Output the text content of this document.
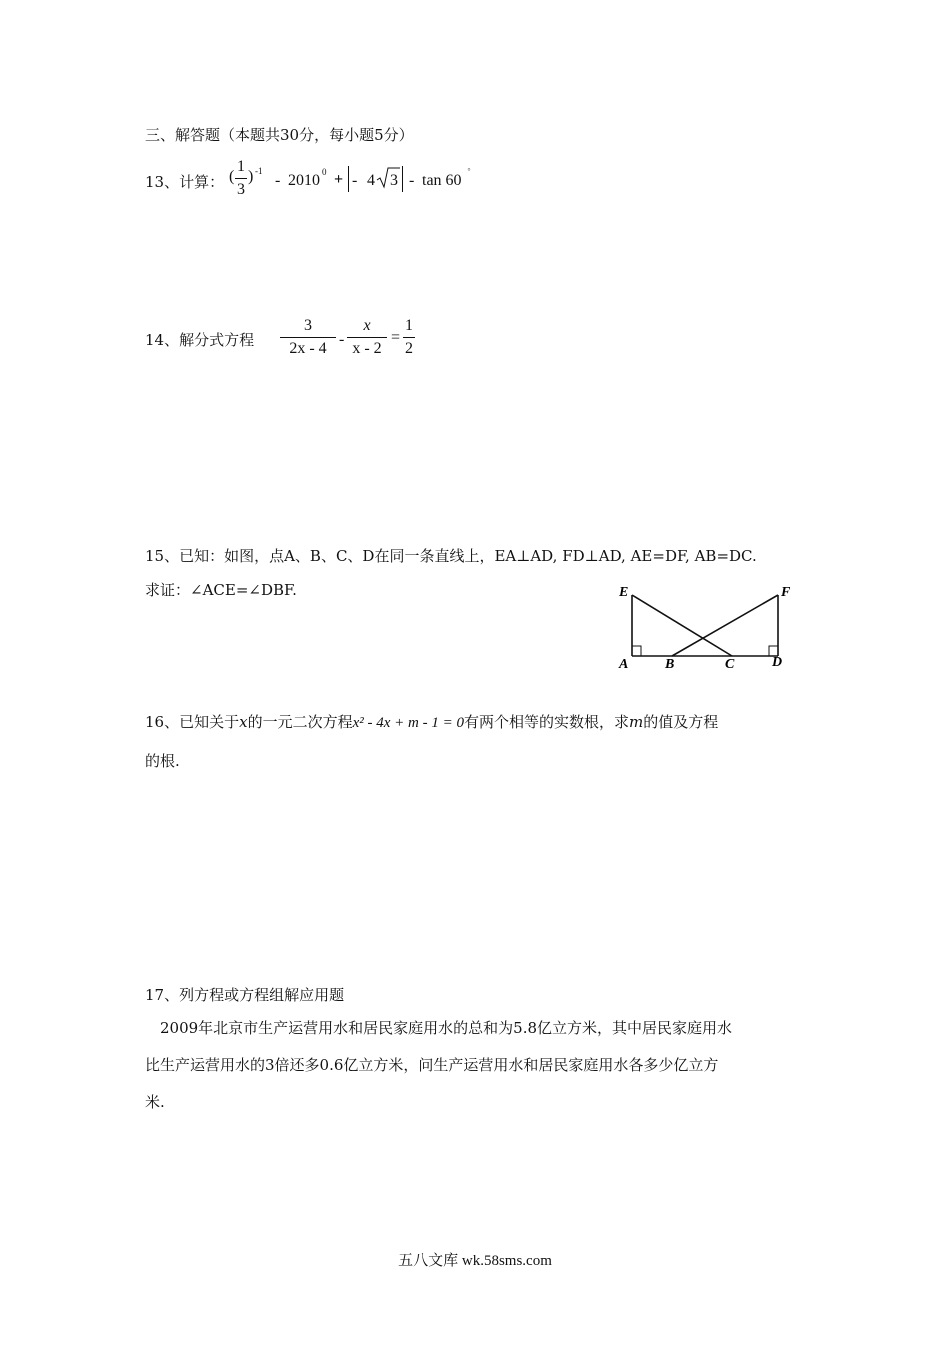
三、解答题（本题共30分，每小题5分）
13、计算： (
1
3
) -1
- 2010 0 + - 4 3 - tan 60
°
14、解分式方程
3
2x - 4
-
x
x - 2
=
1
2
15、已知：如图，点A、B、C、D在同一条直线上，EA⊥AD, FD⊥AD, AE=DF, AB=DC.
求证：∠ACE=∠DBF.	E	F
A	B	C	D
16、已知关于x的一元二次方程x² - 4x + m - 1 = 0有两个相等的实数根，求m的值及方程
的根.
17、列方程或方程组解应用题
2009年北京市生产运营用水和居民家庭用水的总和为5.8亿立方米，其中居民家庭用水
比生产运营用水的3倍还多0.6亿立方米，问生产运营用水和居民家庭用水各多少亿立方
米.
五八文库 wk.58sms.com
